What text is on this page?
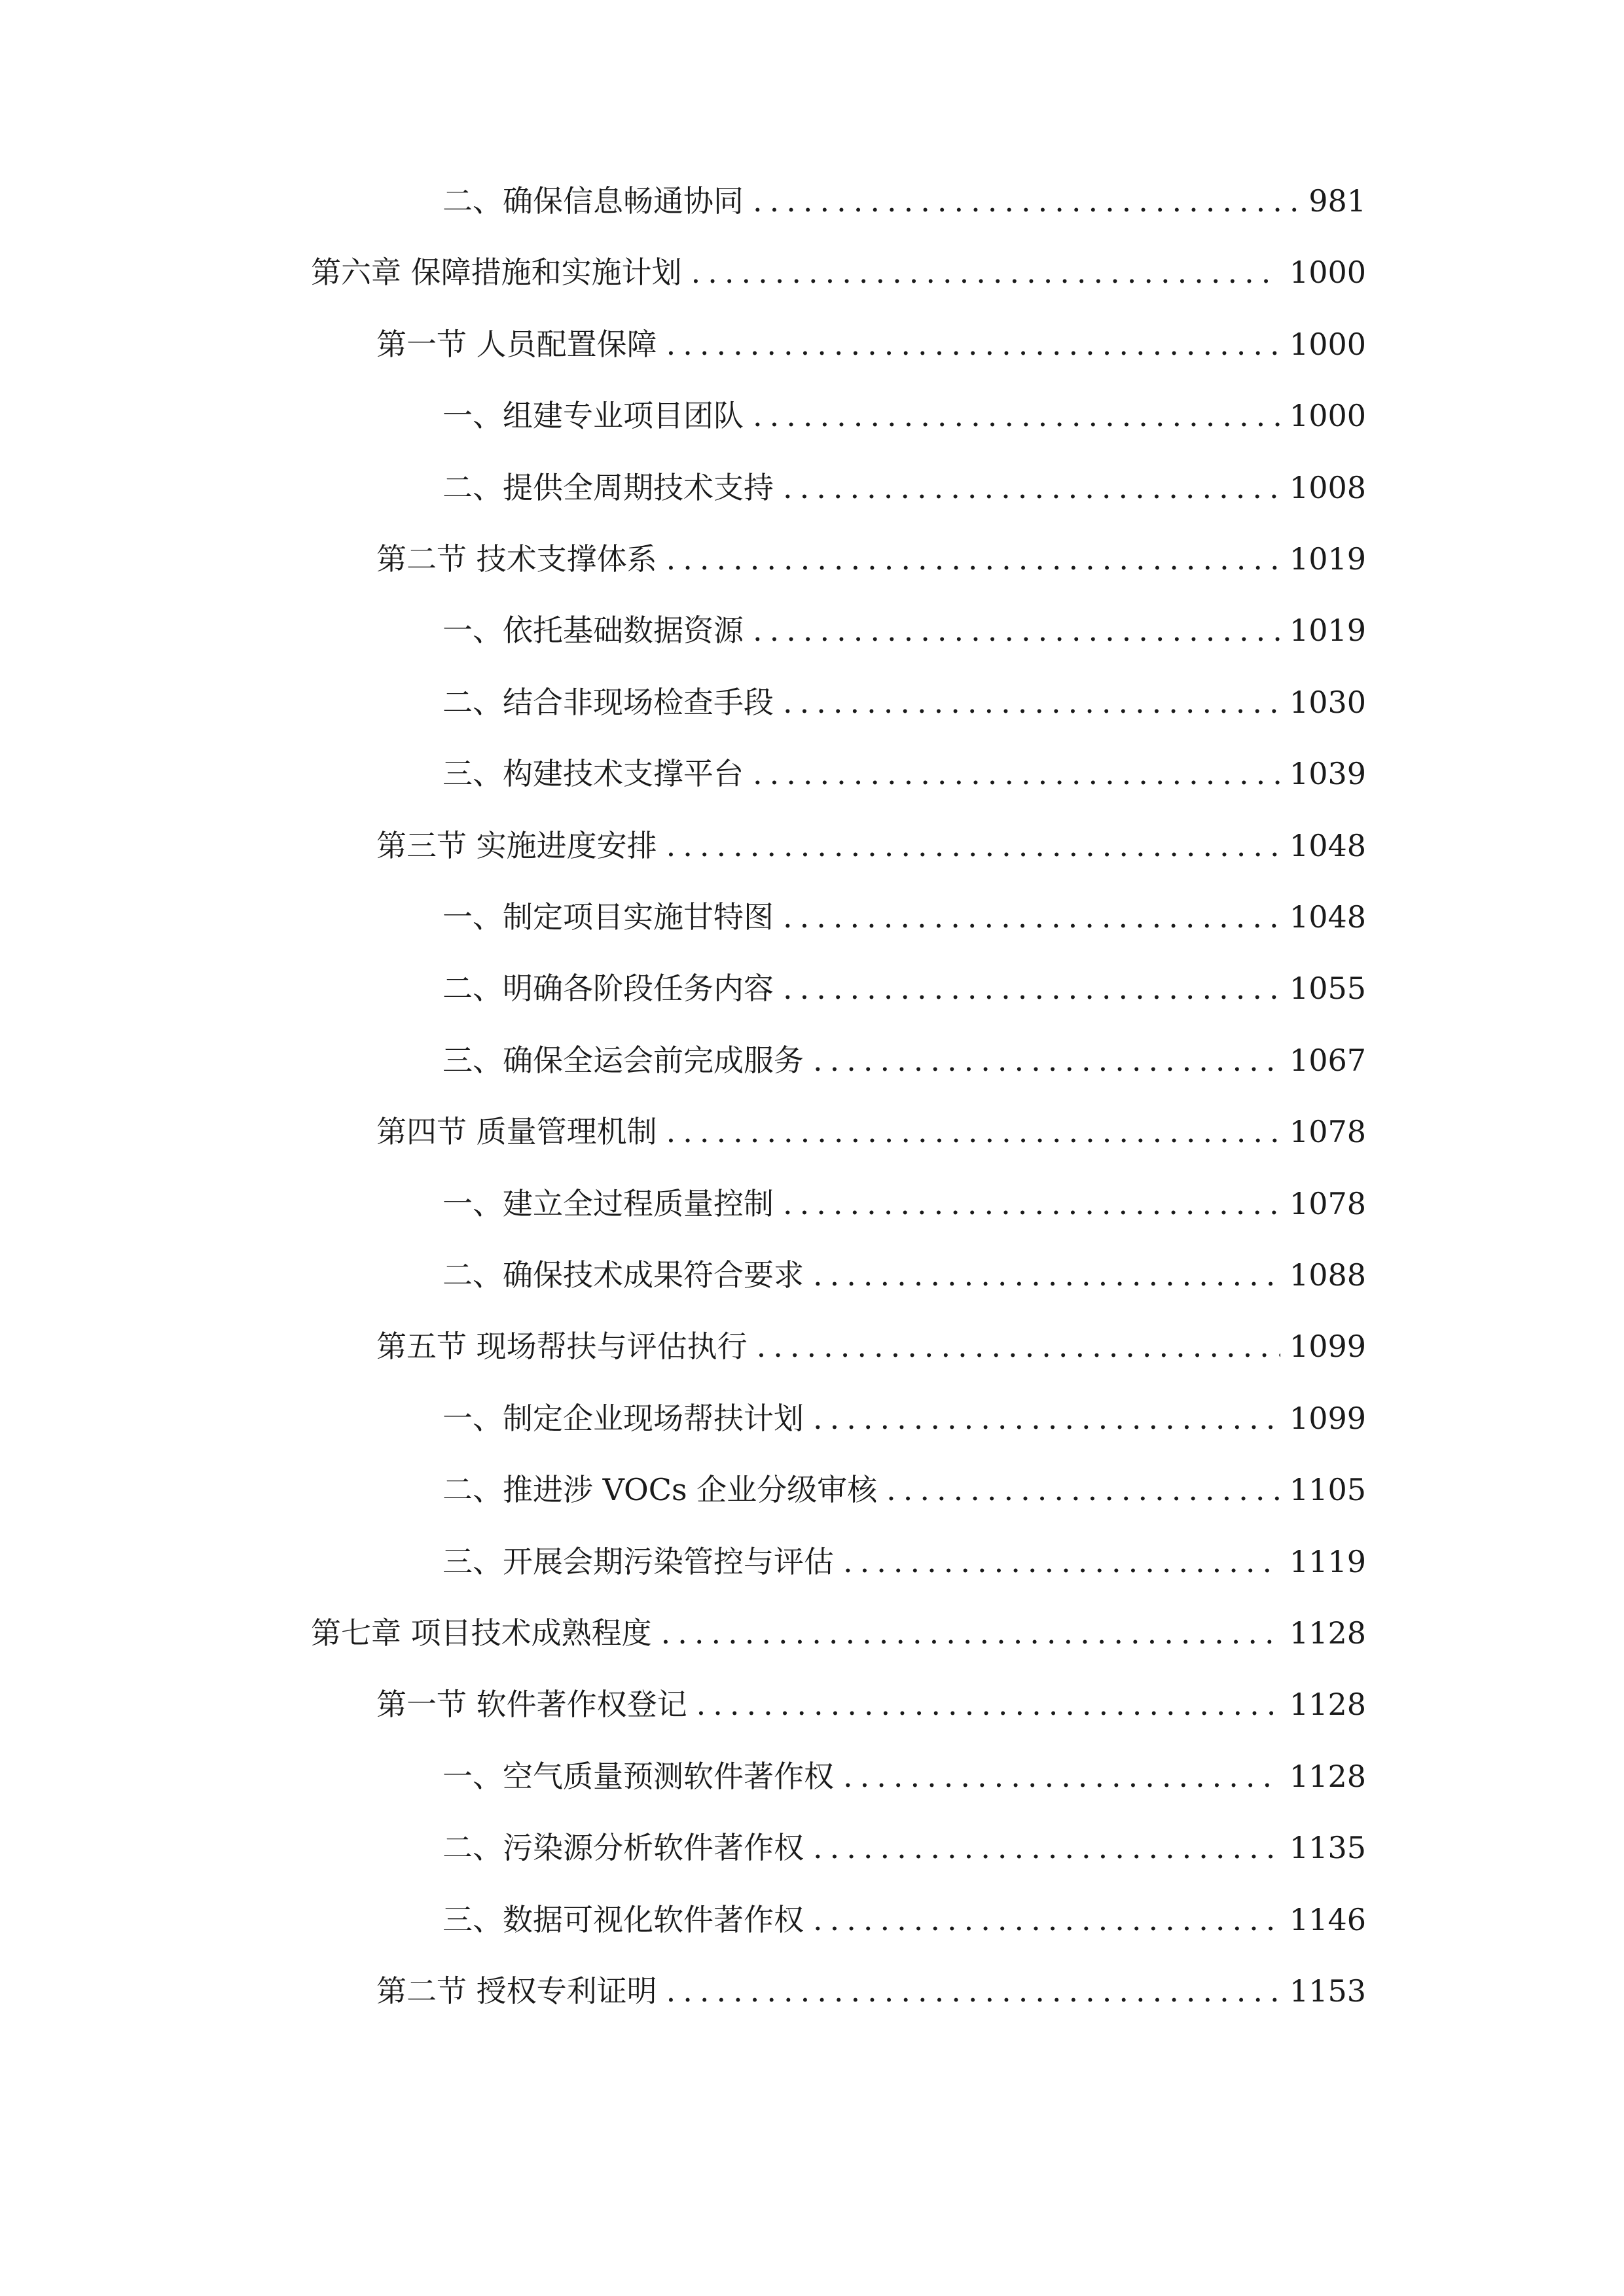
二、 确保信息畅通协同 .....	981
第六章 保障措施和实施计划 .....	1000
第一节 人员配置保障 .....	1000
一、 组建专业项目团队 .....	1000
二、 提供全周期技术支持 .....	1008
第二节 技术支撑体系 .....	1019
一、 依托基础数据资源 .....	1019
二、 结合非现场检查手段 .....	1030
三、 构建技术支撑平台 .....	1039
第三节 实施进度安排 .....	1048
一、 制定项目实施甘特图 .....	1048
二、 明确各阶段任务内容 .....	1055
三、 确保全运会前完成服务 .....	1067
第四节 质量管理机制 .....	1078
一、 建立全过程质量控制 .....	1078
二、 确保技术成果符合要求 .....	1088
第五节 现场帮扶与评估执行 .....	1099
一、 制定企业现场帮扶计划 .....	1099
二、 推进涉 VOCs 企业分级审核 .....	1105
三、 开展会期污染管控与评估 .....	1119
第七章 项目技术成熟程度 .....	1128
第一节 软件著作权登记 .....	1128
一、 空气质量预测软件著作权 .....	1128
二、 污染源分析软件著作权 .....	1135
三、 数据可视化软件著作权 .....	1146
第二节 授权专利证明 .....	1153
